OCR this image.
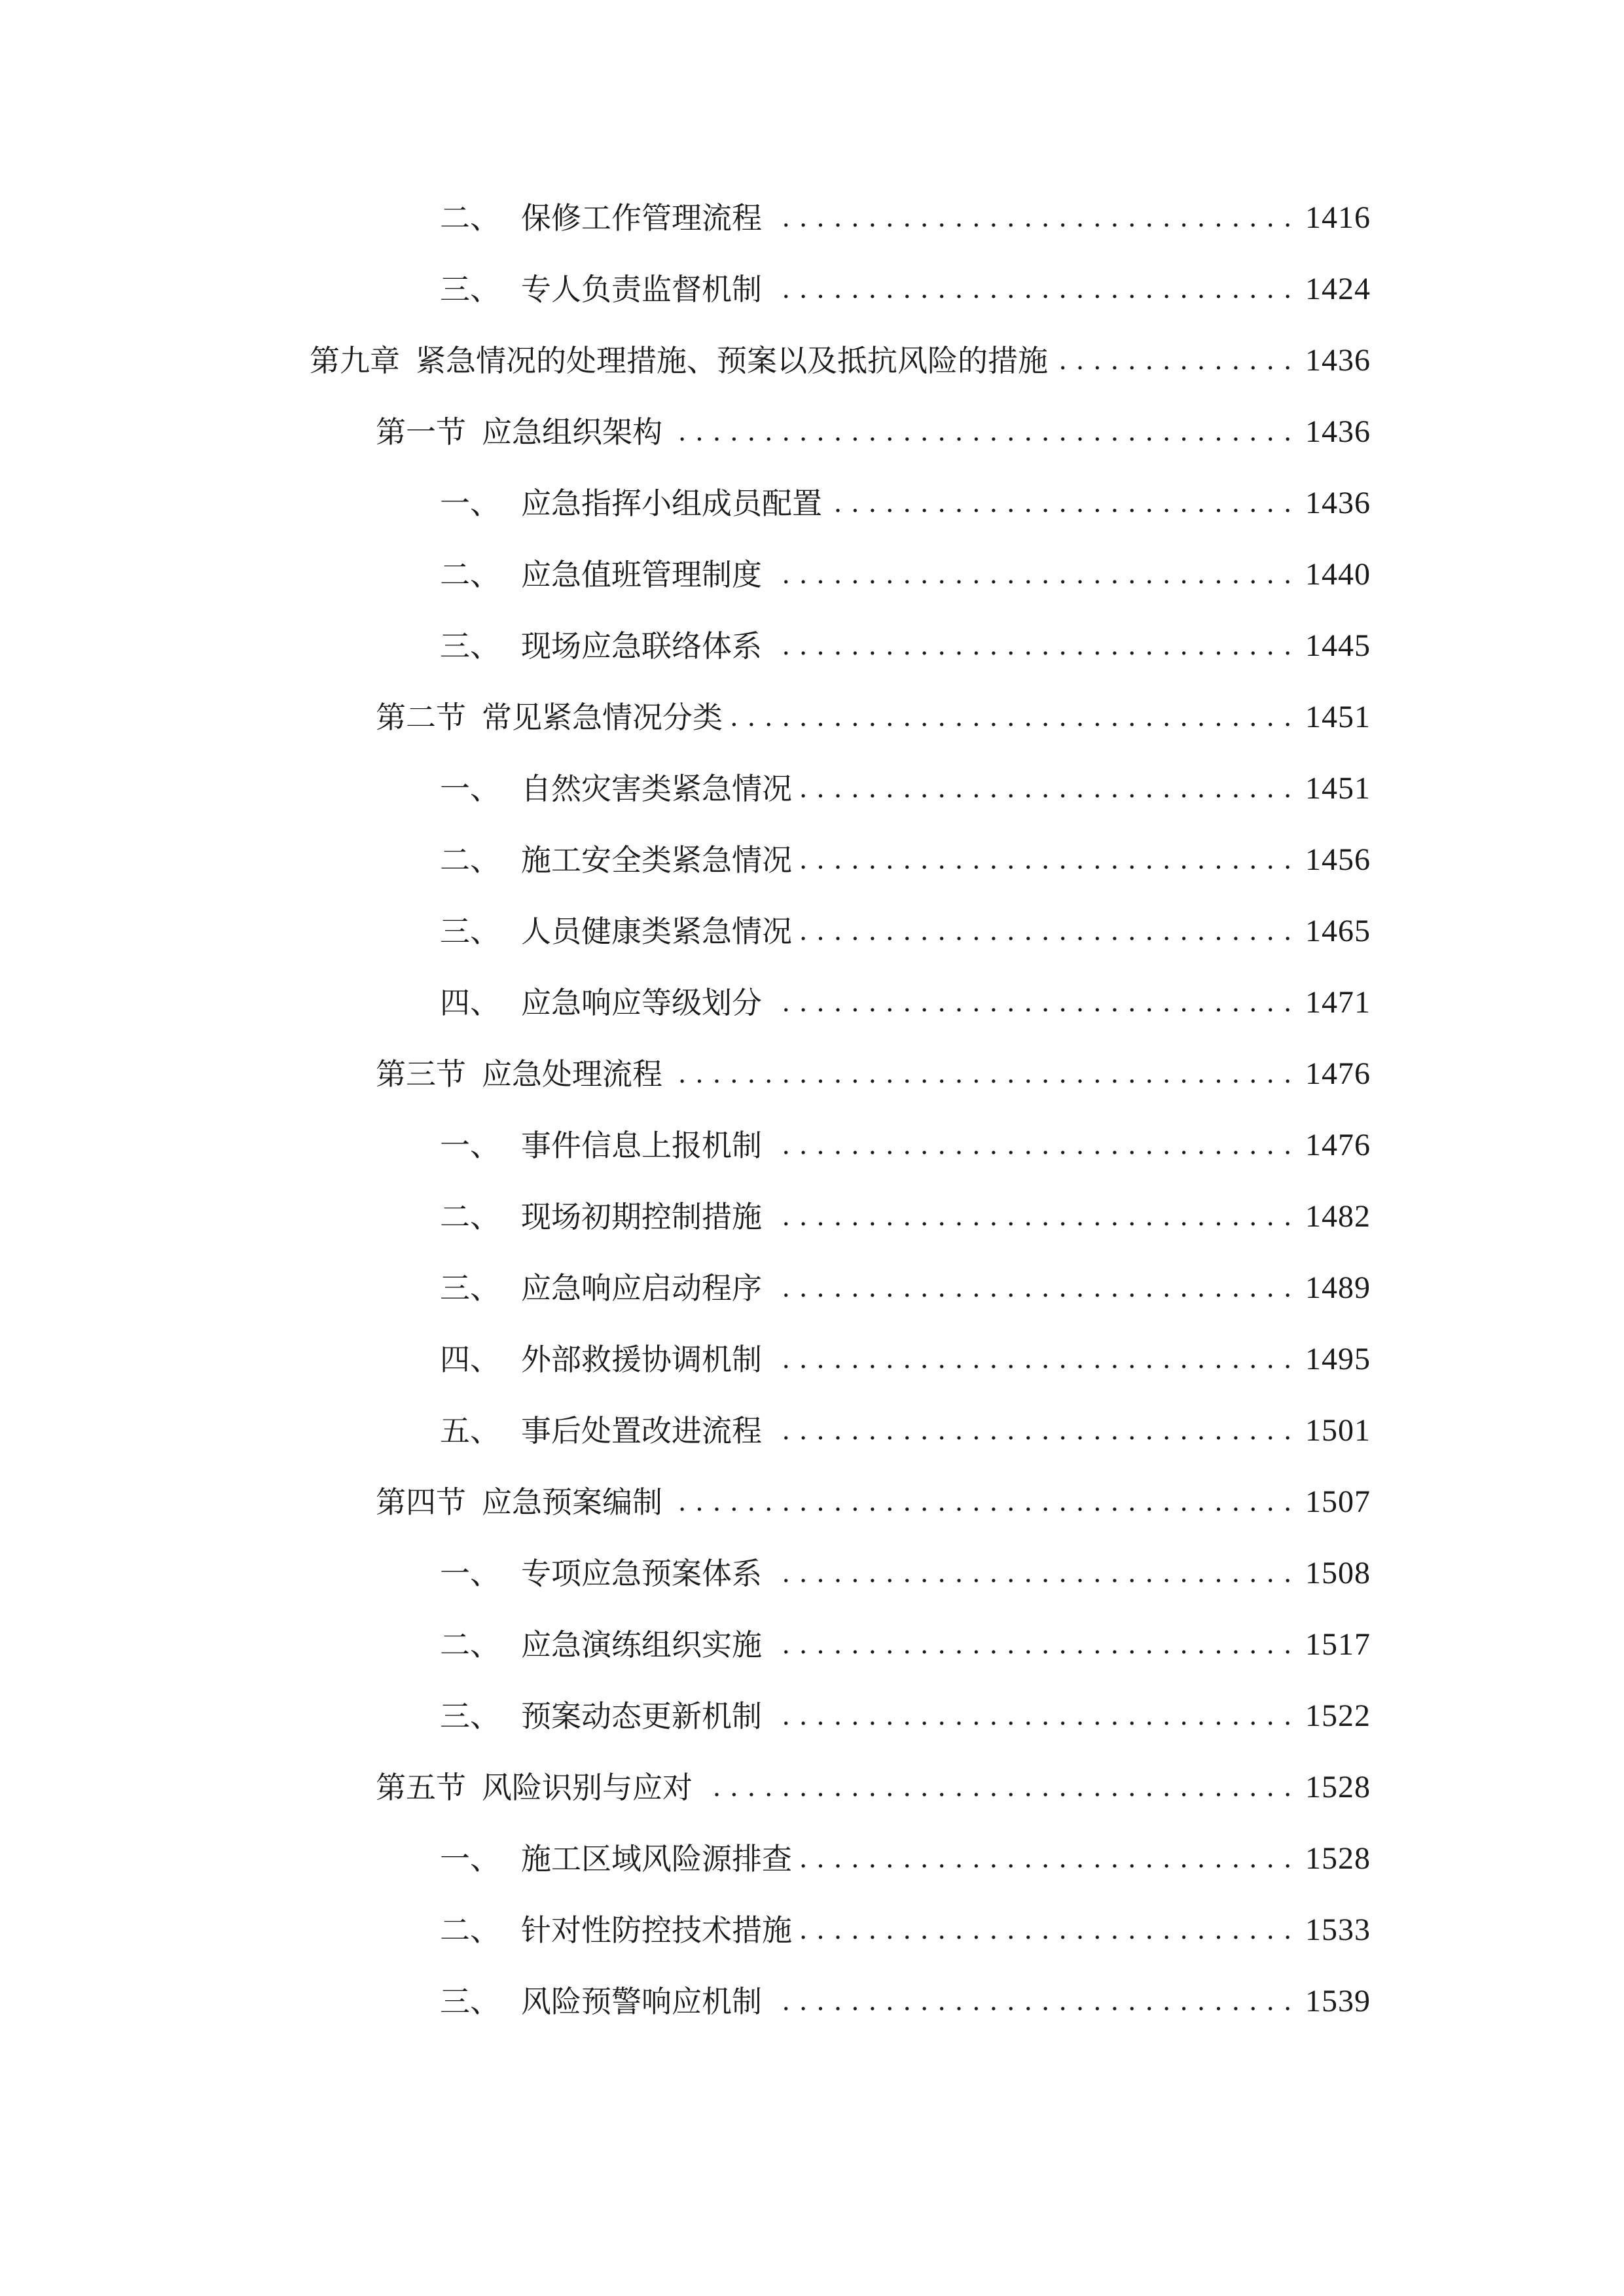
二、 保修工作管理流程 . . .	1416
三、 专人负责监督机制 . . .	1424
第九章 紧急情况的处理措施、预案以及抵抗风险的措施 . . .	1436
第一节 应急组织架构 . . .	1436
一、 应急指挥小组成员配置 . . .	1436
二、 应急值班管理制度 . . .	1440
三、 现场应急联络体系 . . .	1445
第二节 常见紧急情况分类 . . .	1451
一、 自然灾害类紧急情况 . . .	1451
二、 施工安全类紧急情况 . . .	1456
三、 人员健康类紧急情况 . . .	1465
四、 应急响应等级划分 . . .	1471
第三节 应急处理流程 . . .	1476
一、 事件信息上报机制 . . .	1476
二、 现场初期控制措施 . . .	1482
三、 应急响应启动程序 . . .	1489
四、 外部救援协调机制 . . .	1495
五、 事后处置改进流程 . . .	1501
第四节 应急预案编制 . . .	1507
一、 专项应急预案体系 . . .	1508
二、 应急演练组织实施 . . .	1517
三、 预案动态更新机制 . . .	1522
第五节 风险识别与应对 . . .	1528
一、 施工区域风险源排查 . . .	1528
二、 针对性防控技术措施 . . .	1533
三、 风险预警响应机制 . . .	1539
